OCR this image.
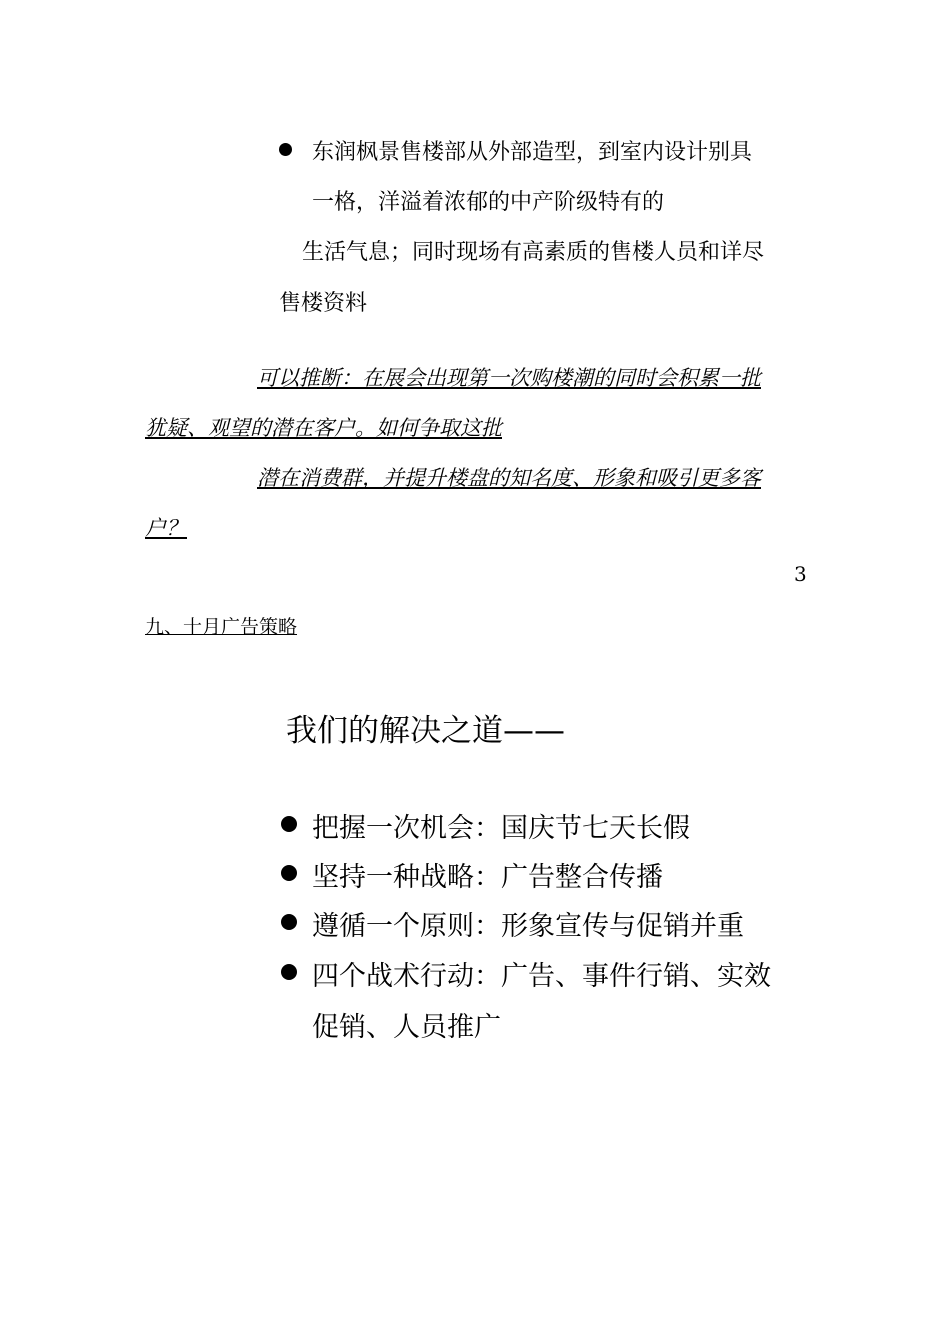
东润枫景售楼部从外部造型，到室内设计别具
一格，洋溢着浓郁的中产阶级特有的
生活气息；同时现场有高素质的售楼人员和详尽
售楼资料
可以推断：在展会出现第一次购楼潮的同时会积累一批
犹疑、观望的潜在客户。如何争取这批
潜在消费群，并提升楼盘的知名度、形象和吸引更多客
户？
3
九、十月广告策略
我们的解决之道——
把握一次机会：国庆节七天长假
坚持一种战略：广告整合传播
遵循一个原则：形象宣传与促销并重
四个战术行动：广告、事件行销、实效
促销、人员推广
